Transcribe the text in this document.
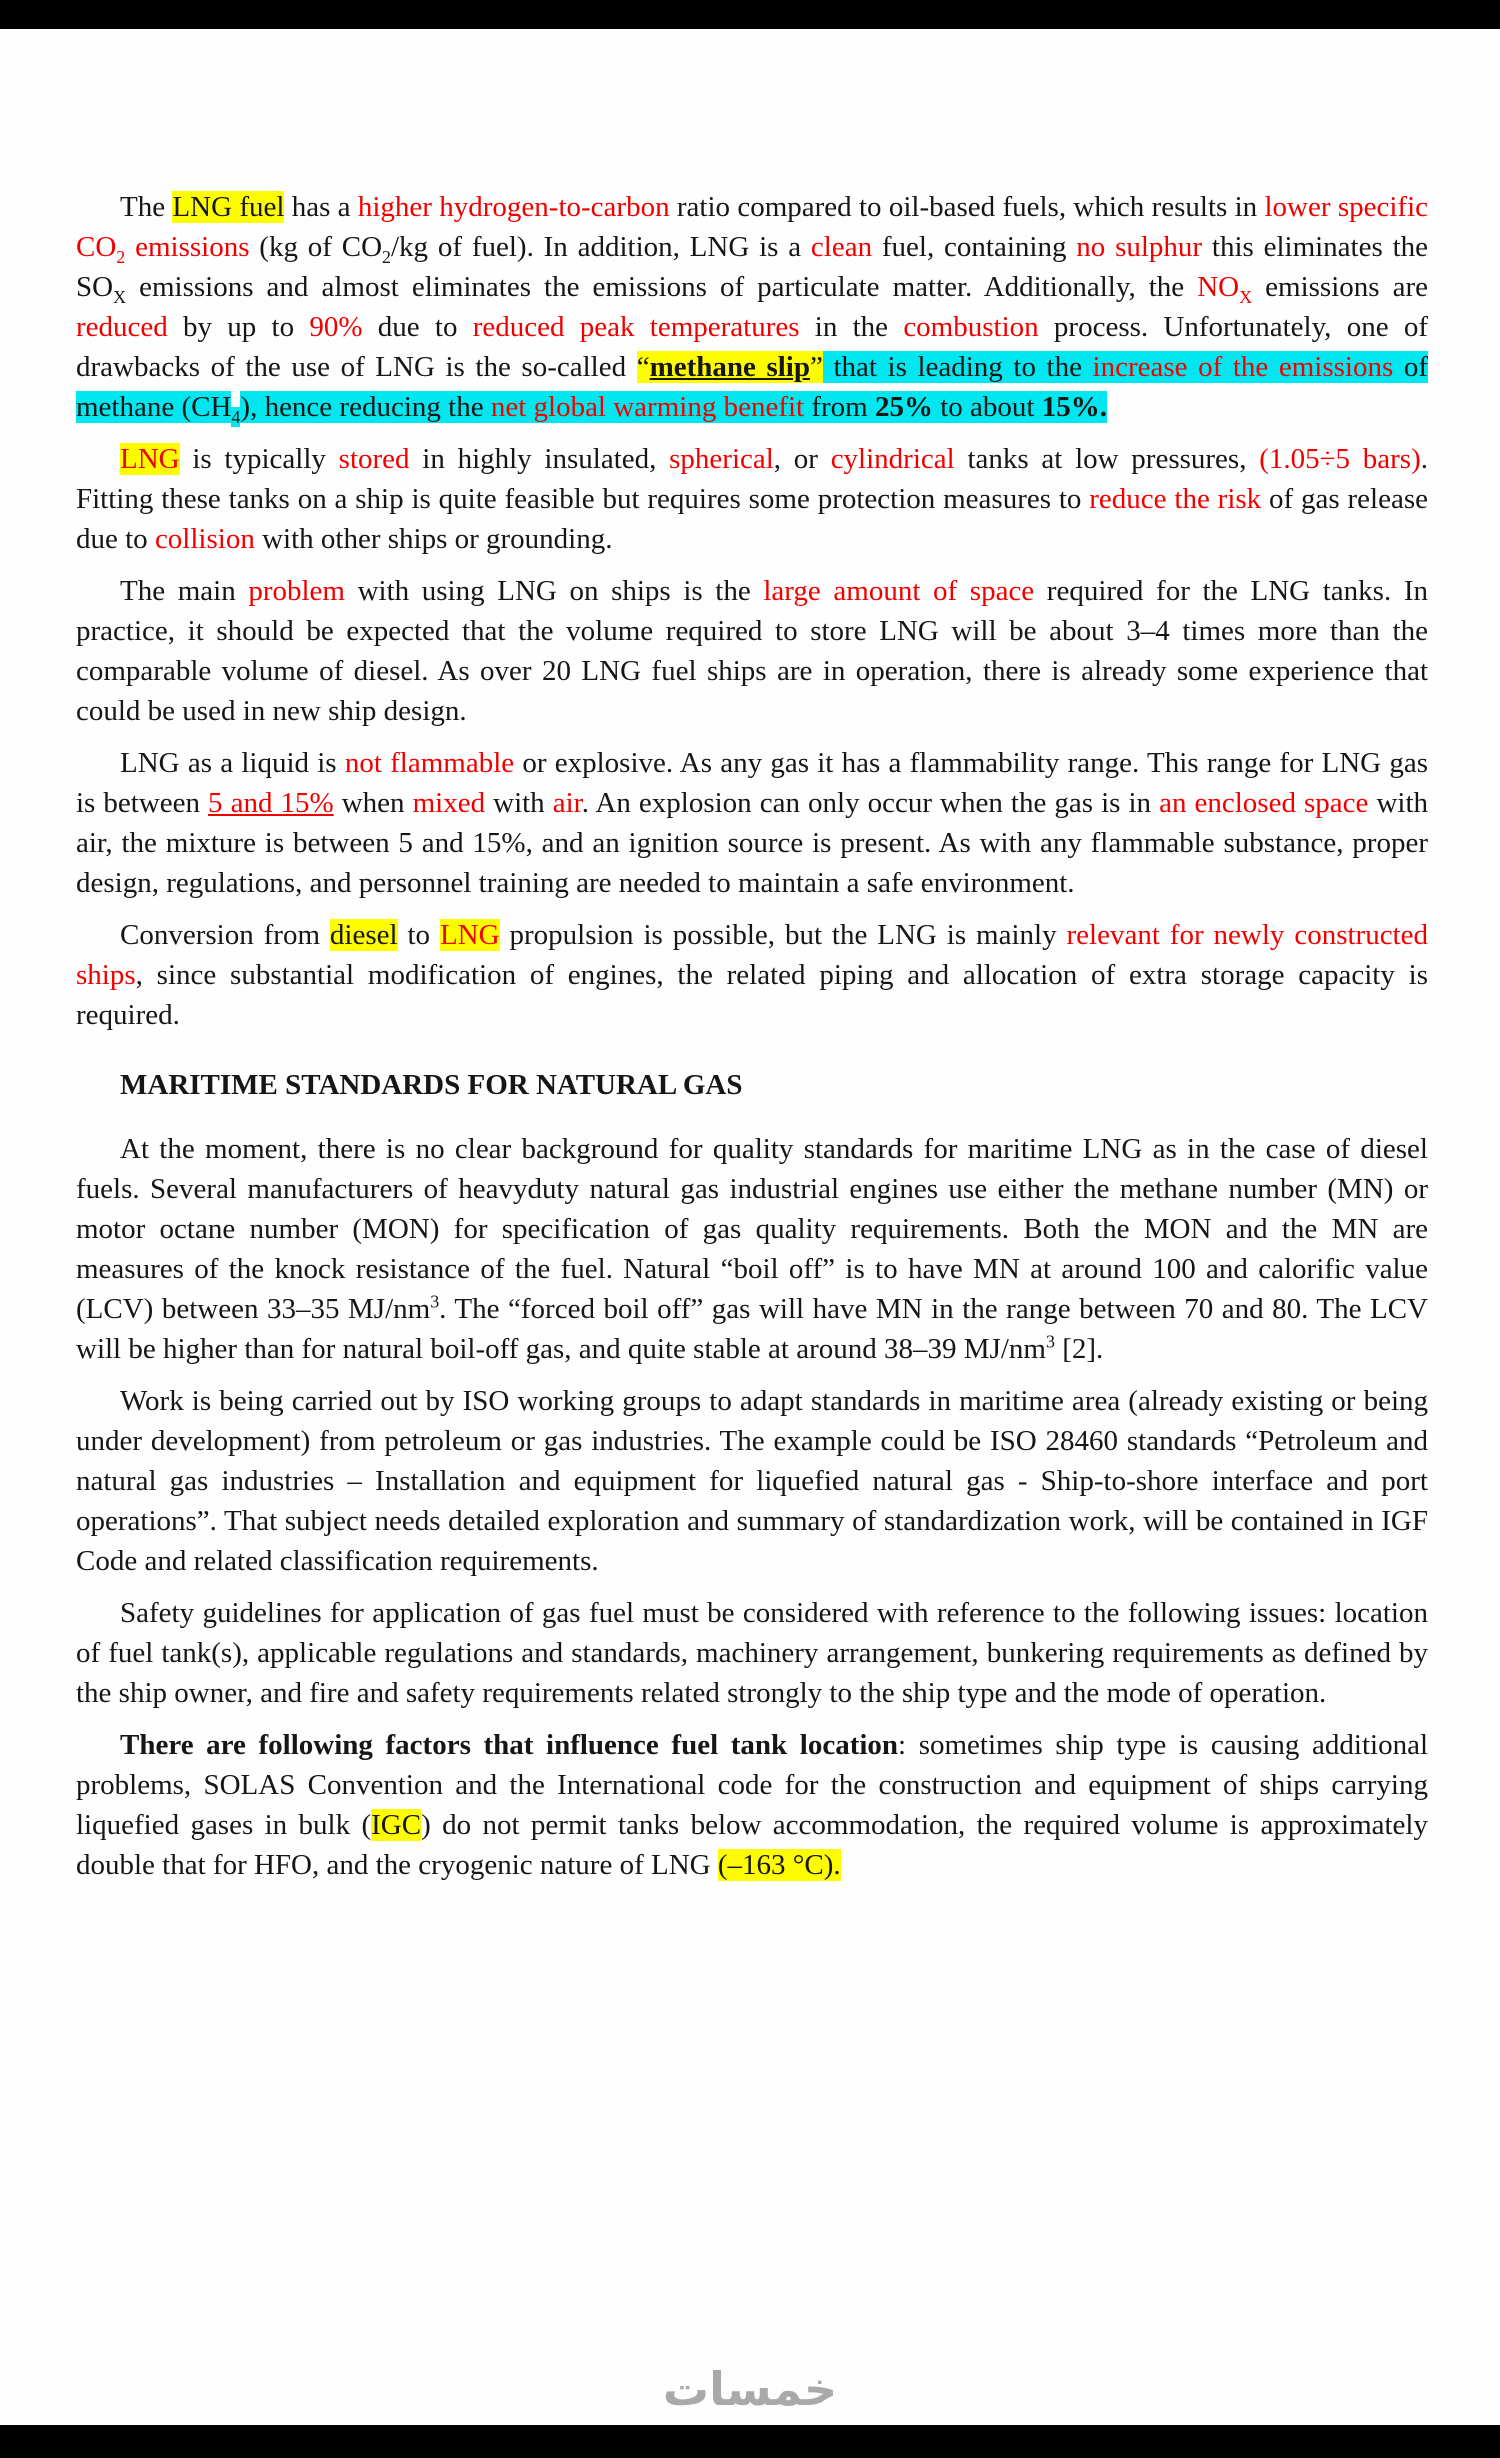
The LNG fuel has a higher hydrogen-to-carbon ratio compared to oil-based fuels, which results in lower specific $CO_2$ emissions (kg of $CO_2/kg$ of fuel). In addition, LNG is a clean fuel, containing no sulphur this eliminates the $SO_X$ emissions and almost eliminates the emissions of particulate matter. Additionally, the $NO_X$ emissions are reduced by up to 90% due to reduced peak temperatures in the combustion process. Unfortunately, one of drawbacks of the use of LNG is the so-called “methane slip” that is leading to the increase of the emissions of methane $(CH_4)$, hence reducing the net global warming benefit from 25% to about 15%.

LNG is typically stored in highly insulated, spherical, or cylindrical tanks at low pressures, (1.05÷5 bars). Fitting these tanks on a ship is quite feasible but requires some protection measures to reduce the risk of gas release due to collision with other ships or grounding.

The main problem with using LNG on ships is the large amount of space required for the LNG tanks. In practice, it should be expected that the volume required to store LNG will be about 3–4 times more than the comparable volume of diesel. As over 20 LNG fuel ships are in operation, there is already some experience that could be used in new ship design.

LNG as a liquid is not flammable or explosive. As any gas it has a flammability range. This range for LNG gas is between 5 and 15% when mixed with air. An explosion can only occur when the gas is in an enclosed space with air, the mixture is between 5 and 15%, and an ignition source is present. As with any flammable substance, proper design, regulations, and personnel training are needed to maintain a safe environment.

Conversion from diesel to LNG propulsion is possible, but the LNG is mainly relevant for newly constructed ships, since substantial modification of engines, the related piping and allocation of extra storage capacity is required.

MARITIME STANDARDS FOR NATURAL GAS

At the moment, there is no clear background for quality standards for maritime LNG as in the case of diesel fuels. Several manufacturers of heavyduty natural gas industrial engines use either the methane number (MN) or motor octane number (MON) for specification of gas quality requirements. Both the MON and the MN are measures of the knock resistance of the fuel. Natural “boil off” is to have MN at around 100 and calorific value (LCV) between 33–35 $MJ/nm^3$. The “forced boil off” gas will have MN in the range between 70 and 80. The LCV will be higher than for natural boil-off gas, and quite stable at around 38–39 $MJ/nm^3$ [2].

Work is being carried out by ISO working groups to adapt standards in maritime area (already existing or being under development) from petroleum or gas industries. The example could be ISO 28460 standards “Petroleum and natural gas industries – Installation and equipment for liquefied natural gas - Ship-to-shore interface and port operations”. That subject needs detailed exploration and summary of standardization work, will be contained in IGF Code and related classification requirements.

Safety guidelines for application of gas fuel must be considered with reference to the following issues: location of fuel tank(s), applicable regulations and standards, machinery arrangement, bunkering requirements as defined by the ship owner, and fire and safety requirements related strongly to the ship type and the mode of operation.

There are following factors that influence fuel tank location: sometimes ship type is causing additional problems, SOLAS Convention and the International code for the construction and equipment of ships carrying liquefied gases in bulk (IGC) do not permit tanks below accommodation, the required volume is approximately double that for HFO, and the cryogenic nature of LNG (–163 °C).

خمسات
